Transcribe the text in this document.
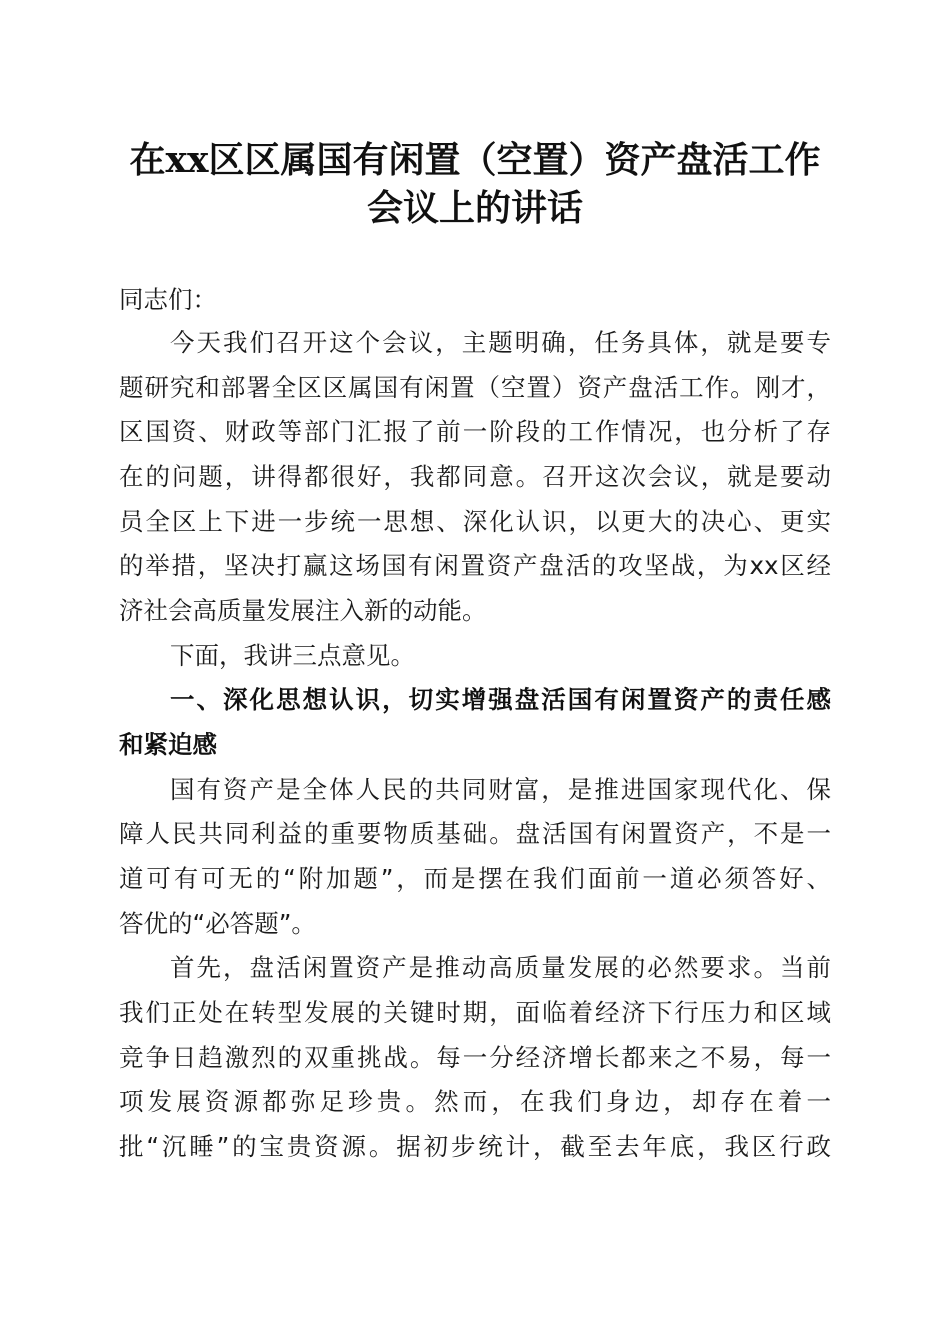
在xx区区属国有闲置（空置）资产盘活工作
会议上的讲话
同志们：
今天我们召开这个会议，主题明确，任务具体，就是要专
题研究和部署全区区属国有闲置（空置）资产盘活工作。刚才，
区国资、财政等部门汇报了前一阶段的工作情况，也分析了存
在的问题，讲得都很好，我都同意。召开这次会议，就是要动
员全区上下进一步统一思想、深化认识，以更大的决心、更实
的举措，坚决打赢这场国有闲置资产盘活的攻坚战，为xx区经
济社会高质量发展注入新的动能。
下面，我讲三点意见。
一、深化思想认识，切实增强盘活国有闲置资产的责任感
和紧迫感
国有资产是全体人民的共同财富，是推进国家现代化、保
障人民共同利益的重要物质基础。盘活国有闲置资产，不是一
道可有可无的“附加题”，而是摆在我们面前一道必须答好、
答优的“必答题”。
首先，盘活闲置资产是推动高质量发展的必然要求。当前
我们正处在转型发展的关键时期，面临着经济下行压力和区域
竞争日趋激烈的双重挑战。每一分经济增长都来之不易，每一
项发展资源都弥足珍贵。然而，在我们身边，却存在着一
批“沉睡”的宝贵资源。据初步统计，截至去年底，我区行政
